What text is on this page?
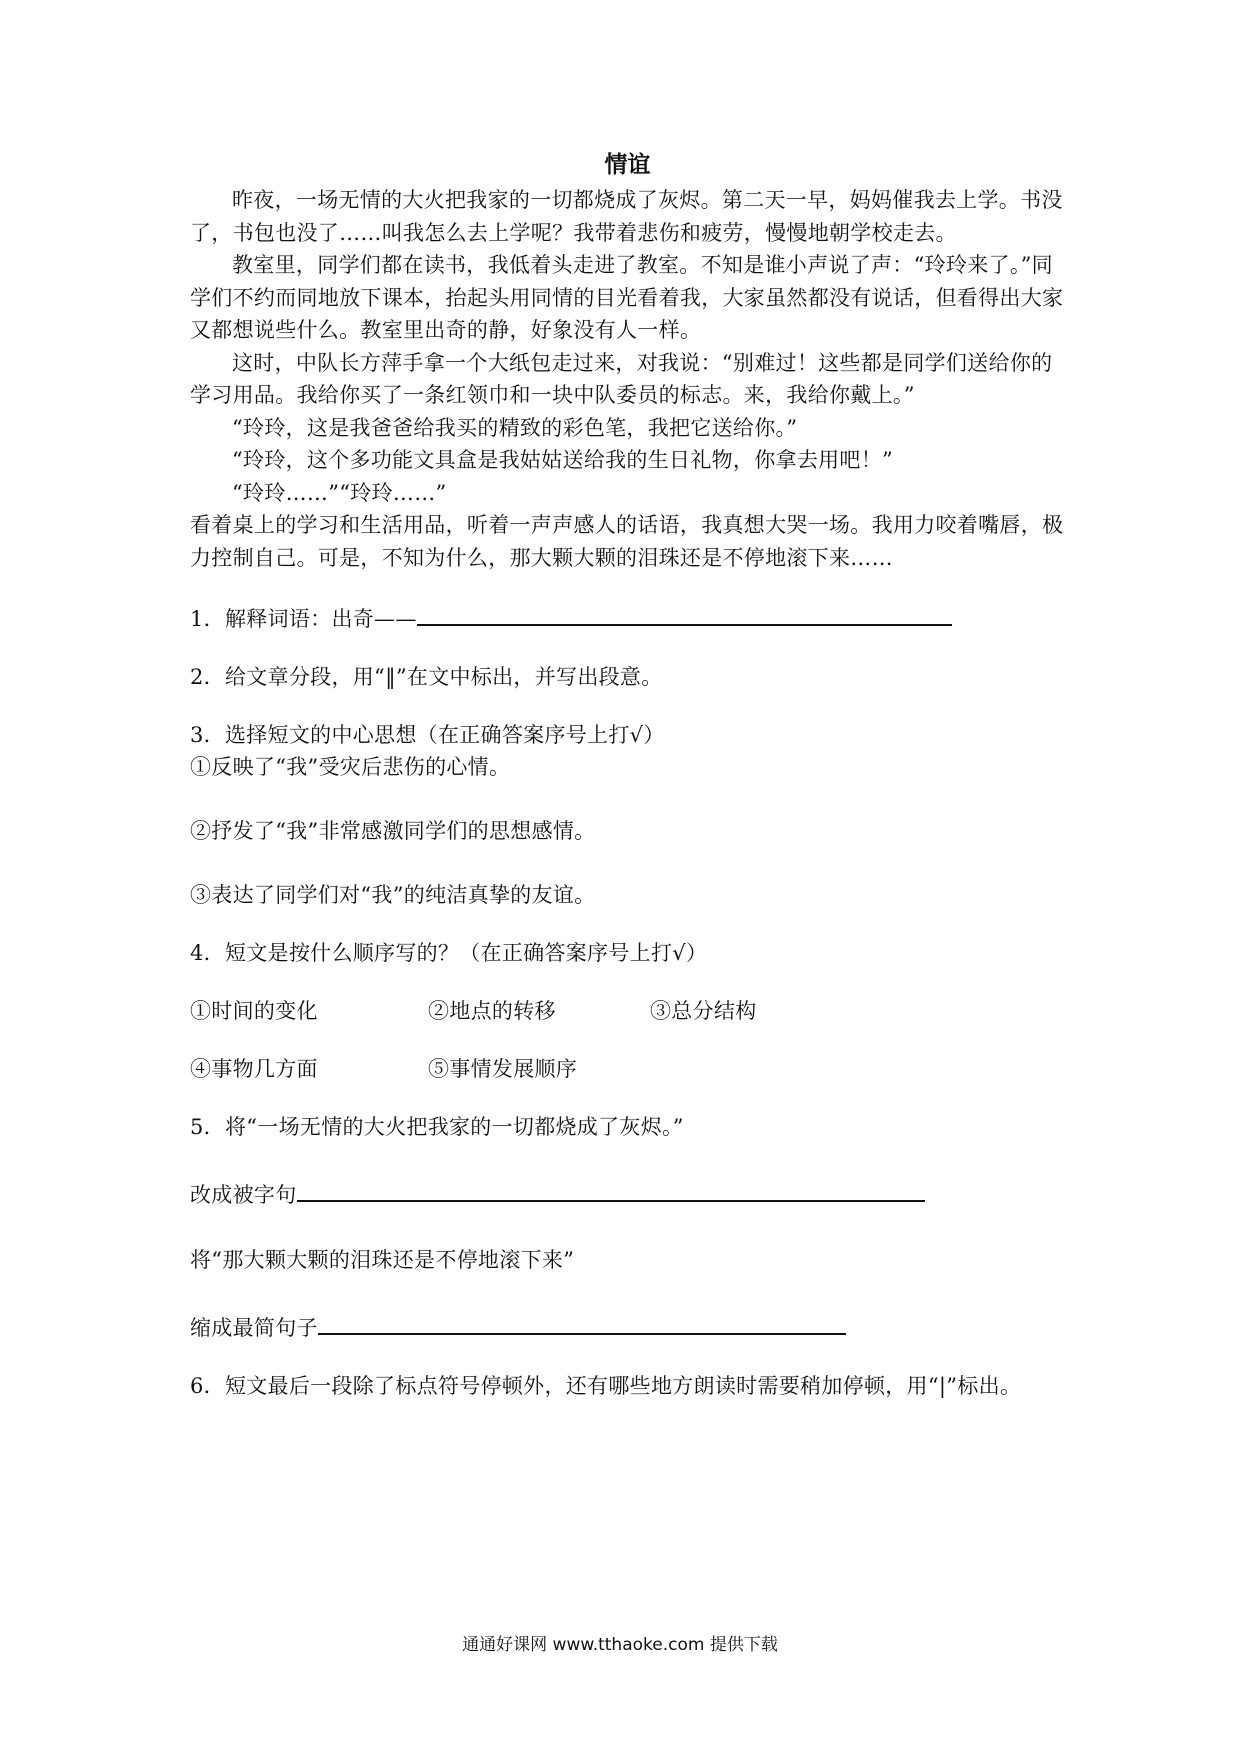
情谊

昨夜，一场无情的大火把我家的一切都烧成了灰烬。第二天一早，妈妈催我去上学。书没了，书包也没了……叫我怎么去上学呢？我带着悲伤和疲劳，慢慢地朝学校走去。

教室里，同学们都在读书，我低着头走进了教室。不知是谁小声说了声：“玲玲来了。”同学们不约而同地放下课本，抬起头用同情的目光看着我，大家虽然都没有说话，但看得出大家又都想说些什么。教室里出奇的静，好象没有人一样。

这时，中队长方萍手拿一个大纸包走过来，对我说：“别难过！这些都是同学们送给你的学习用品。我给你买了一条红领巾和一块中队委员的标志。来，我给你戴上。”

“玲玲，这是我爸爸给我买的精致的彩色笔，我把它送给你。”

“玲玲，这个多功能文具盒是我姑姑送给我的生日礼物，你拿去用吧！”

“玲玲……”“玲玲……”

看着桌上的学习和生活用品，听着一声声感人的话语，我真想大哭一场。我用力咬着嘴唇，极力控制自己。可是，不知为什么，那大颗大颗的泪珠还是不停地滚下来……

1．解释词语：出奇——

2．给文章分段，用“‖”在文中标出，并写出段意。

3．选择短文的中心思想（在正确答案序号上打√）

①反映了“我”受灾后悲伤的心情。

②抒发了“我”非常感激同学们的思想感情。

③表达了同学们对“我”的纯洁真挚的友谊。

4．短文是按什么顺序写的？（在正确答案序号上打√）

①时间的变化	②地点的转移	③总分结构
④事物几方面	⑤事情发展顺序

5．将“一场无情的大火把我家的一切都烧成了灰烬。”

改成被字句

将“那大颗大颗的泪珠还是不停地滚下来”

缩成最简句子

6．短文最后一段除了标点符号停顿外，还有哪些地方朗读时需要稍加停顿，用“|”标出。

通通好课网 www.tthaoke.com 提供下载
